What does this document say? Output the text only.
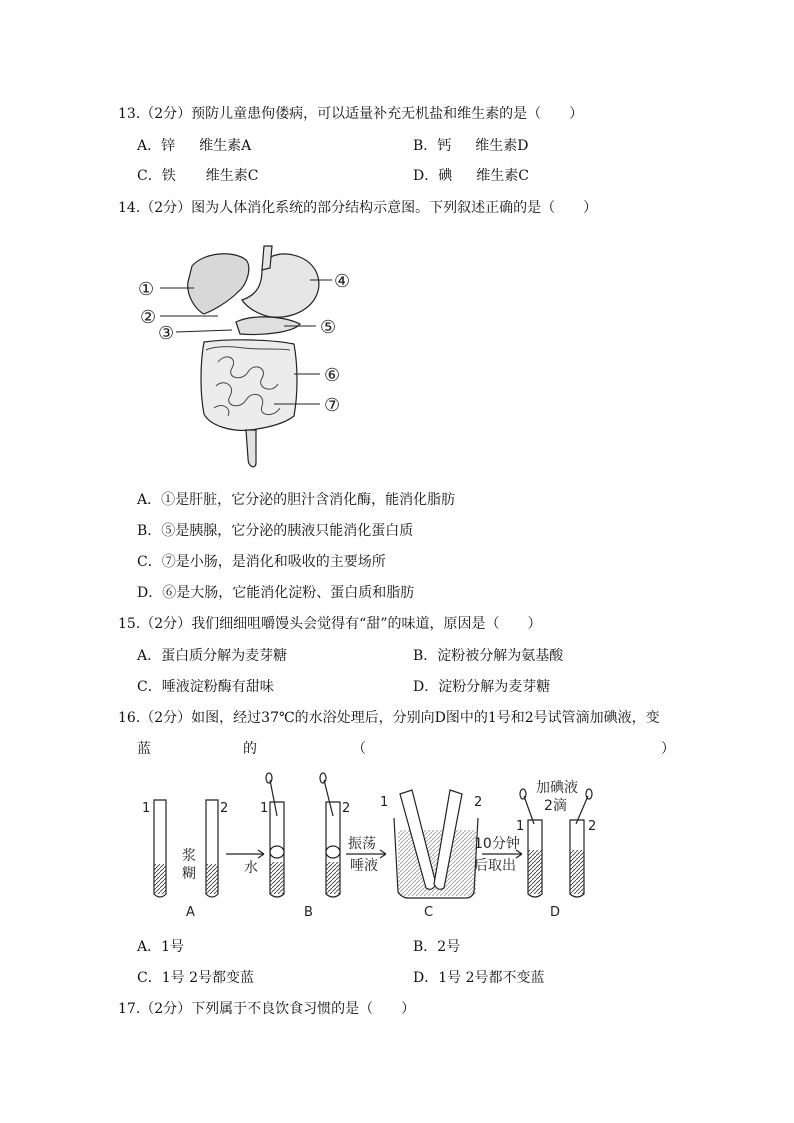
13.（2分）预防儿童患佝偻病，可以适量补充无机盐和维生素的是（　　）
A．锌 维生素A	B．钙 维生素D
C．铁 维生素C	D．碘 维生素C
14.（2分）图为人体消化系统的部分结构示意图。下列叙述正确的是（　　）
①
②
③
④
⑤
⑥
⑦
A．①是肝脏，它分泌的胆汁含消化酶，能消化脂肪
B．⑤是胰腺，它分泌的胰液只能消化蛋白质
C．⑦是小肠，是消化和吸收的主要场所
D．⑥是大肠，它能消化淀粉、蛋白质和脂肪
15.（2分）我们细细咀嚼馒头会觉得有“甜”的味道，原因是（　　）
A．蛋白质分解为麦芽糖	B．淀粉被分解为氨基酸
C．唾液淀粉酶有甜味	D．淀粉分解为麦芽糖
16.（2分）如图，经过37℃的水浴处理后，分别向D图中的1号和2号试管滴加碘液，变
蓝	的	（	）
1	2
浆
糊	水
1	2
振荡
唾液
1	2
10分钟
后取出
加碘液
2滴
1	2
A	B	C	D
A．1号	B．2号
C．1号 2号都变蓝	D．1号 2号都不变蓝
17.（2分）下列属于不良饮食习惯的是（　　）
